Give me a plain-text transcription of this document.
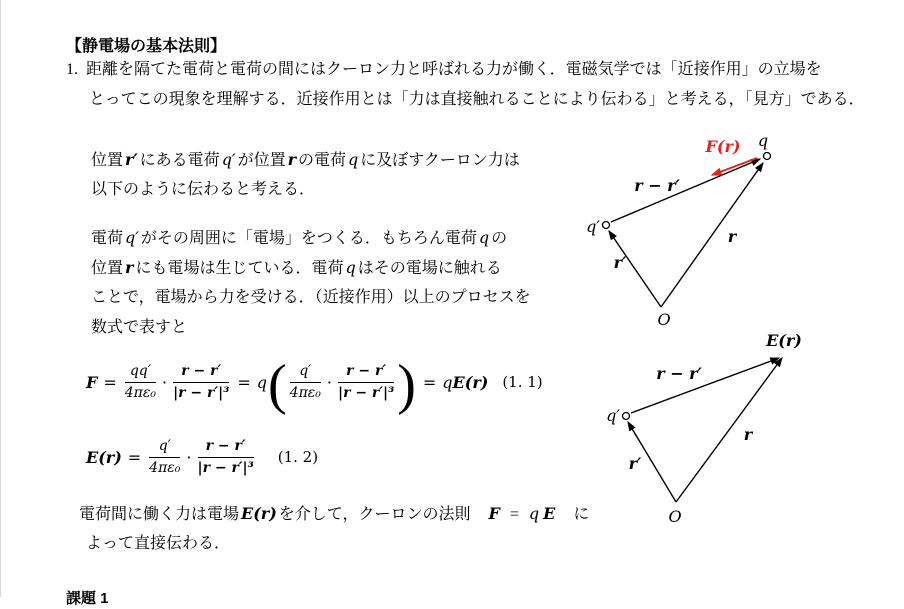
【静電場の基本法則】
1. 距離を隔てた電荷と電荷の間にはクーロン力と呼ばれる力が働く．電磁気学では「近接作用」の立場を
とってこの現象を理解する．近接作用とは「力は直接触れることにより伝わる」と考える，「見方」である．
位置 r′ にある電荷 q′ が位置 r の電荷 q に及ぼすクーロン力は
以下のように伝わると考える．
電荷 q′ がその周囲に「電場」をつくる．もちろん電荷 q の
位置 r にも電場は生じている．電荷 q はその電場に触れる
ことで，電場から力を受ける．（近接作用）以上のプロセスを
数式で表すと
$F = \frac{qq'}{\text{4πε₀}} \cdot \frac{r - r'}{\text{|r − r′|³}} = q$ ( $\frac{q'}{\text{4πε₀}} \cdot \frac{r - r'}{\text{|r − r′|³}}$ ) = q E(r) (1. 1)
$E(r) = \frac{q'}{\text{4πε₀}} \cdot \frac{r - r'}{\text{|r − r′|³}} (1$. 2)
電荷間に働く力は電場 E(r) を介して，クーロンの法則 F = q E に
よって直接伝わる．
課題 1
q
q′
O
r
r′
r − r′
F(r)
q′
O
E(r)
r − r′
r
r′
